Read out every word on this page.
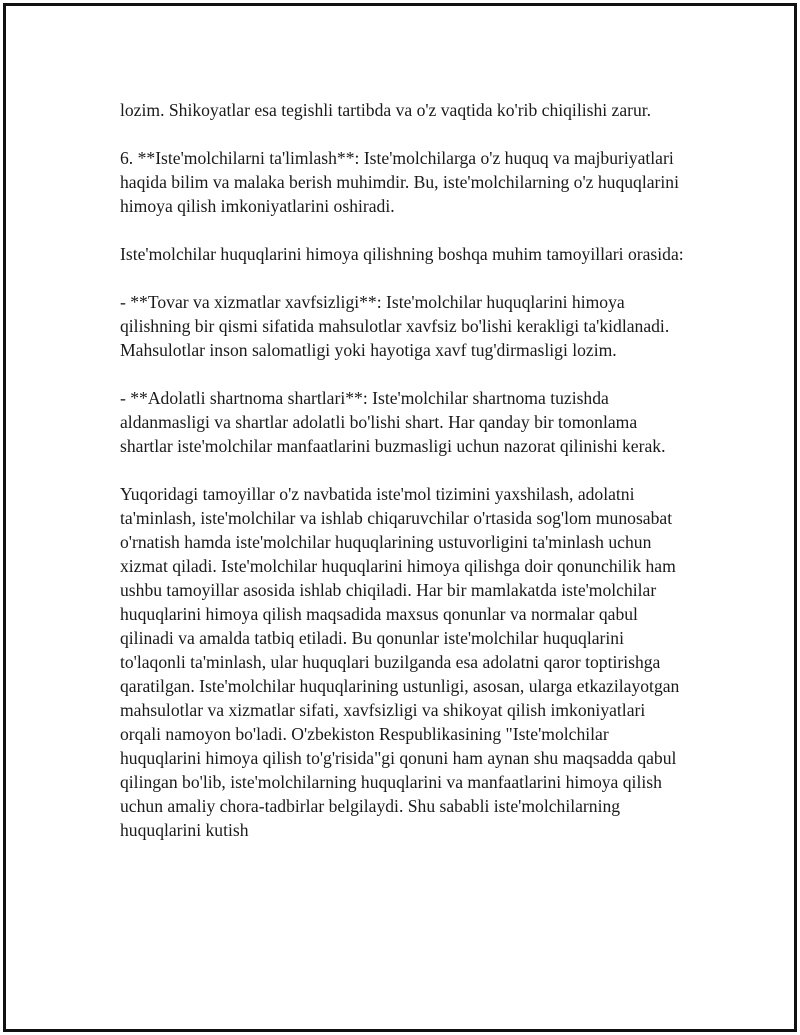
lozim. Shikoyatlar esa tegishli tartibda va o'z vaqtida ko'rib chiqilishi zarur.

6. **Iste'molchilarni ta'limlash**: Iste'molchilarga o'z huquq va majburiyatlari haqida bilim va malaka berish muhimdir. Bu, iste'molchilarning o'z huquqlarini himoya qilish imkoniyatlarini oshiradi.

Iste'molchilar huquqlarini himoya qilishning boshqa muhim tamoyillari orasida:

- **Tovar va xizmatlar xavfsizligi**: Iste'molchilar huquqlarini himoya qilishning bir qismi sifatida mahsulotlar xavfsiz bo'lishi kerakligi ta'kidlanadi. Mahsulotlar inson salomatligi yoki hayotiga xavf tug'dirmasligi lozim.

- **Adolatli shartnoma shartlari**: Iste'molchilar shartnoma tuzishda aldanmasligi va shartlar adolatli bo'lishi shart. Har qanday bir tomonlama shartlar iste'molchilar manfaatlarini buzmasligi uchun nazorat qilinishi kerak.

Yuqoridagi tamoyillar o'z navbatida iste'mol tizimini yaxshilash, adolatni ta'minlash, iste'molchilar va ishlab chiqaruvchilar o'rtasida sog'lom munosabat o'rnatish hamda iste'molchilar huquqlarining ustuvorligini ta'minlash uchun xizmat qiladi. Iste'molchilar huquqlarini himoya qilishga doir qonunchilik ham ushbu tamoyillar asosida ishlab chiqiladi. Har bir mamlakatda iste'molchilar huquqlarini himoya qilish maqsadida maxsus qonunlar va normalar qabul qilinadi va amalda tatbiq etiladi. Bu qonunlar iste'molchilar huquqlarini to'laqonli ta'minlash, ular huquqlari buzilganda esa adolatni qaror toptirishga qaratilgan. Iste'molchilar huquqlarining ustunligi, asosan, ularga etkazilayotgan mahsulotlar va xizmatlar sifati, xavfsizligi va shikoyat qilish imkoniyatlari orqali namoyon bo'ladi. O'zbekiston Respublikasining "Iste'molchilar huquqlarini himoya qilish to'g'risida"gi qonuni ham aynan shu maqsadda qabul qilingan bo'lib, iste'molchilarning huquqlarini va manfaatlarini himoya qilish uchun amaliy chora-tadbirlar belgilaydi. Shu sababli iste'molchilarning huquqlarini kutish
